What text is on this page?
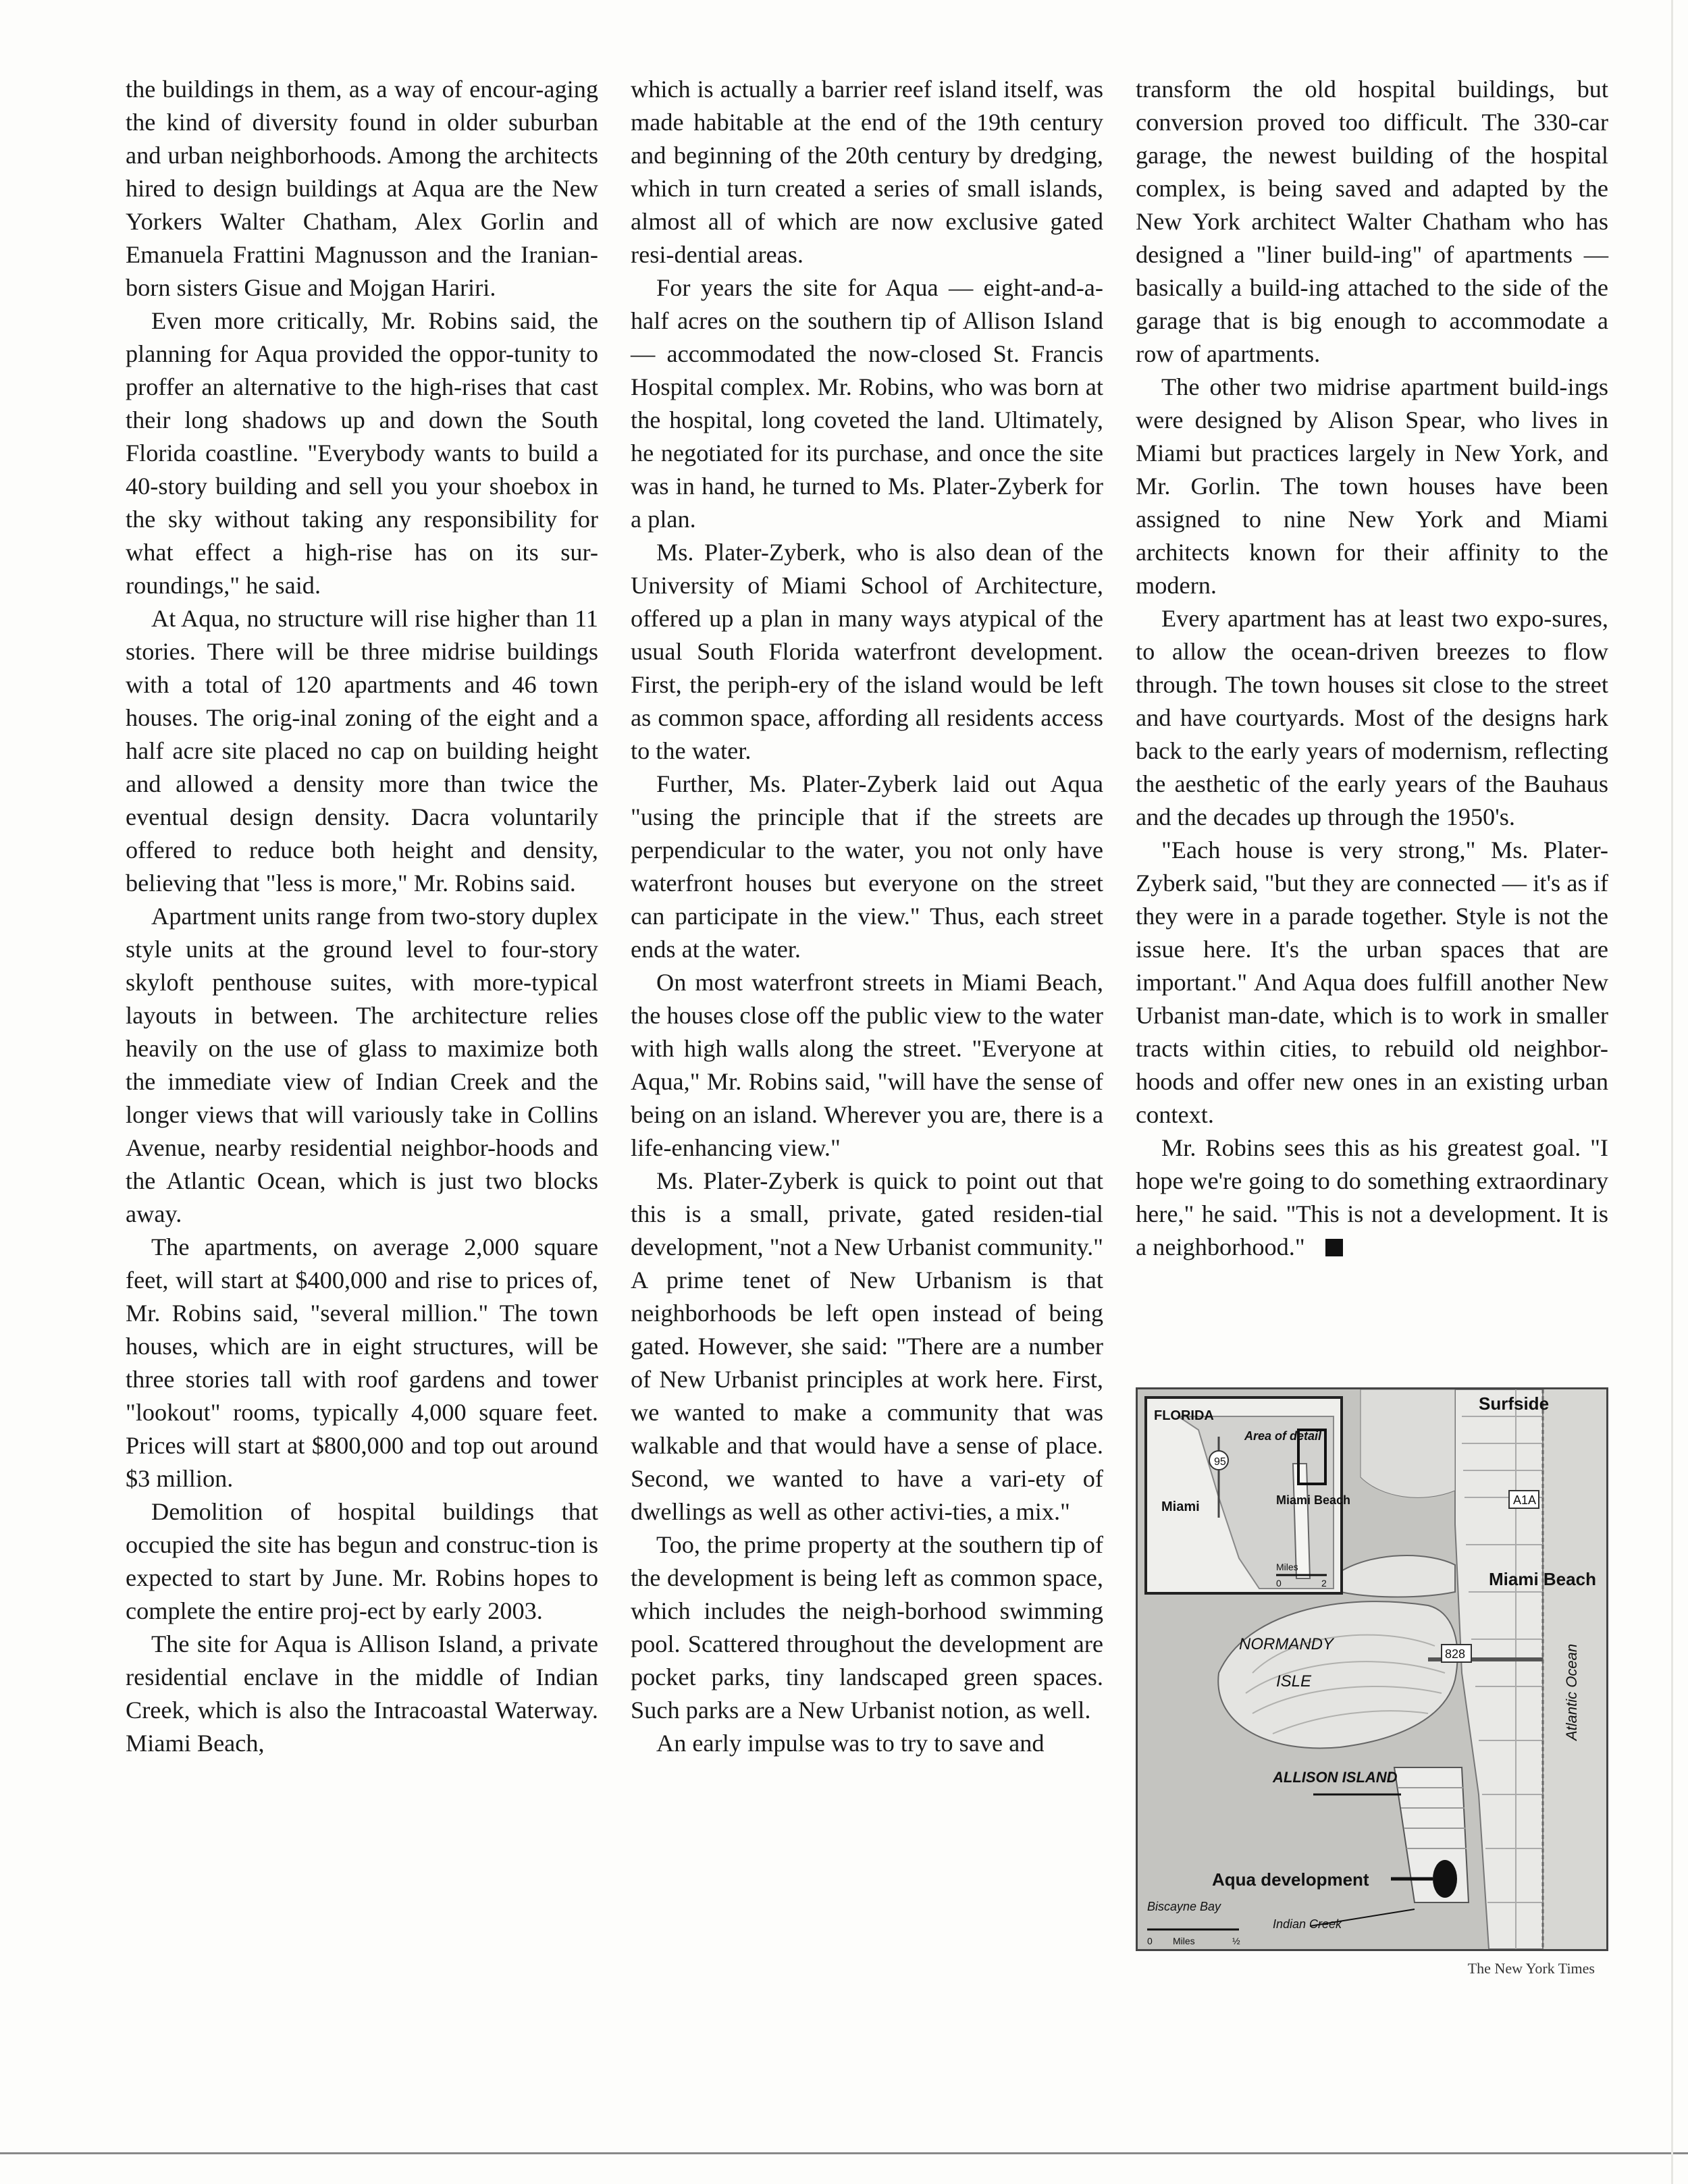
the buildings in them, as a way of encour-aging the kind of diversity found in older suburban and urban neighborhoods. Among the architects hired to design buildings at Aqua are the New Yorkers Walter Chatham, Alex Gorlin and Emanuela Frattini Magnusson and the Iranian-born sisters Gisue and Mojgan Hariri.

Even more critically, Mr. Robins said, the planning for Aqua provided the oppor-tunity to proffer an alternative to the high-rises that cast their long shadows up and down the South Florida coastline. "Everybody wants to build a 40-story building and sell you your shoebox in the sky without taking any responsibility for what effect a high-rise has on its sur-roundings," he said.

At Aqua, no structure will rise higher than 11 stories. There will be three midrise buildings with a total of 120 apartments and 46 town houses. The orig-inal zoning of the eight and a half acre site placed no cap on building height and allowed a density more than twice the eventual design density. Dacra voluntarily offered to reduce both height and density, believing that "less is more," Mr. Robins said.

Apartment units range from two-story duplex style units at the ground level to four-story skyloft penthouse suites, with more-typical layouts in between. The architecture relies heavily on the use of glass to maximize both the immediate view of Indian Creek and the longer views that will variously take in Collins Avenue, nearby residential neighbor-hoods and the Atlantic Ocean, which is just two blocks away.

The apartments, on average 2,000 square feet, will start at $400,000 and rise to prices of, Mr. Robins said, "several million." The town houses, which are in eight structures, will be three stories tall with roof gardens and tower "lookout" rooms, typically 4,000 square feet. Prices will start at $800,000 and top out around $3 million.

Demolition of hospital buildings that occupied the site has begun and construc-tion is expected to start by June. Mr. Robins hopes to complete the entire proj-ect by early 2003.

The site for Aqua is Allison Island, a private residential enclave in the middle of Indian Creek, which is also the Intracoastal Waterway. Miami Beach,

which is actually a barrier reef island itself, was made habitable at the end of the 19th century and beginning of the 20th century by dredging, which in turn created a series of small islands, almost all of which are now exclusive gated resi-dential areas.

For years the site for Aqua — eight-and-a-half acres on the southern tip of Allison Island — accommodated the now-closed St. Francis Hospital complex. Mr. Robins, who was born at the hospital, long coveted the land. Ultimately, he negotiated for its purchase, and once the site was in hand, he turned to Ms. Plater-Zyberk for a plan.

Ms. Plater-Zyberk, who is also dean of the University of Miami School of Architecture, offered up a plan in many ways atypical of the usual South Florida waterfront development. First, the periph-ery of the island would be left as common space, affording all residents access to the water.

Further, Ms. Plater-Zyberk laid out Aqua "using the principle that if the streets are perpendicular to the water, you not only have waterfront houses but everyone on the street can participate in the view." Thus, each street ends at the water.

On most waterfront streets in Miami Beach, the houses close off the public view to the water with high walls along the street. "Everyone at Aqua," Mr. Robins said, "will have the sense of being on an island. Wherever you are, there is a life-enhancing view."

Ms. Plater-Zyberk is quick to point out that this is a small, private, gated residen-tial development, "not a New Urbanist community." A prime tenet of New Urbanism is that neighborhoods be left open instead of being gated. However, she said: "There are a number of New Urbanist principles at work here. First, we wanted to make a community that was walkable and that would have a sense of place. Second, we wanted to have a vari-ety of dwellings as well as other activi-ties, a mix."

Too, the prime property at the southern tip of the development is being left as common space, which includes the neigh-borhood swimming pool. Scattered throughout the development are pocket parks, tiny landscaped green spaces. Such parks are a New Urbanist notion, as well.

An early impulse was to try to save and

transform the old hospital buildings, but conversion proved too difficult. The 330-car garage, the newest building of the hospital complex, is being saved and adapted by the New York architect Walter Chatham who has designed a "liner build-ing" of apartments — basically a build-ing attached to the side of the garage that is big enough to accommodate a row of apartments.

The other two midrise apartment build-ings were designed by Alison Spear, who lives in Miami but practices largely in New York, and Mr. Gorlin. The town houses have been assigned to nine New York and Miami architects known for their affinity to the modern.

Every apartment has at least two expo-sures, to allow the ocean-driven breezes to flow through. The town houses sit close to the street and have courtyards. Most of the designs hark back to the early years of modernism, reflecting the aesthetic of the early years of the Bauhaus and the decades up through the 1950's.

"Each house is very strong," Ms. Plater-Zyberk said, "but they are connected — it's as if they were in a parade together. Style is not the issue here. It's the urban spaces that are important." And Aqua does fulfill another New Urbanist man-date, which is to work in smaller tracts within cities, to rebuild old neighbor-hoods and offer new ones in an existing urban context.

Mr. Robins sees this as his greatest goal. "I hope we're going to do something extraordinary here," he said. "This is not a development. It is a neighborhood."

FLORIDA
Area of detail
95
Miami	Miami Beach
Miles
0	2
Surfside
A1A
Miami Beach
828
NORMANDY
ISLE	Atlantic Ocean
ALLISON ISLAND
Aqua development
Biscayne Bay
Indian Creek
0 Miles	½
The New York Times
